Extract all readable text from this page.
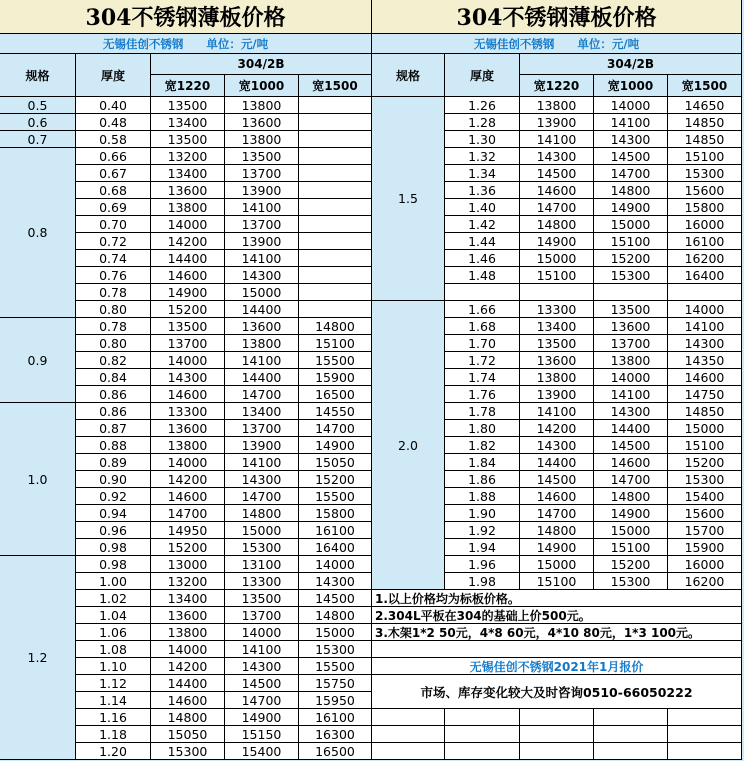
304不锈钢薄板价格
无锡佳创不锈钢　　单位：元/吨
规格	厚度
304/2B
宽1220	宽1000	宽1500
0.5	0.40	13500	13800
0.6	0.48	13400	13600
0.7	0.58	13500	13800
0.8
0.66	13200	13500
0.67	13400	13700
0.68	13600	13900
0.69	13800	14100
0.70	14000	13700
0.72	14200	13900
0.74	14400	14100
0.76	14600	14300
0.78	14900	15000
0.80	15200	14400
0.9
0.78	13500	13600	14800
0.80	13700	13800	15100
0.82	14000	14100	15500
0.84	14300	14400	15900
0.86	14600	14700	16500
1.0
0.86	13300	13400	14550
0.87	13600	13700	14700
0.88	13800	13900	14900
0.89	14000	14100	15050
0.90	14200	14300	15200
0.92	14600	14700	15500
0.94	14700	14800	15800
0.96	14950	15000	16100
0.98	15200	15300	16400
1.2
0.98	13000	13100	14000
1.00	13200	13300	14300
1.02	13400	13500	14500
1.04	13600	13700	14800
1.06	13800	14000	15000
1.08	14000	14100	15300
1.10	14200	14300	15500
1.12	14400	14500	15750
1.14	14600	14700	15950
1.16	14800	14900	16100
1.18	15050	15150	16300
1.20	15300	15400	16500
304不锈钢薄板价格
无锡佳创不锈钢　　单位：元/吨
规格	厚度
304/2B
宽1220	宽1000	宽1500
1.5
1.26	13800	14000	14650
1.28	13900	14100	14850
1.30	14100	14300	14850
1.32	14300	14500	15100
1.34	14500	14700	15300
1.36	14600	14800	15600
1.40	14700	14900	15800
1.42	14800	15000	16000
1.44	14900	15100	16100
1.46	15000	15200	16200
1.48	15100	15300	16400
2.0
1.66	13300	13500	14000
1.68	13400	13600	14100
1.70	13500	13700	14300
1.72	13600	13800	14350
1.74	13800	14000	14600
1.76	13900	14100	14750
1.78	14100	14300	14850
1.80	14200	14400	15000
1.82	14300	14500	15100
1.84	14400	14600	15200
1.86	14500	14700	15300
1.88	14600	14800	15400
1.90	14700	14900	15600
1.92	14800	15000	15700
1.94	14900	15100	15900
1.96	15000	15200	16000
1.98	15100	15300	16200
1.以上价格均为标板价格。
2.304L平板在304的基础上价500元。
3.木架1*2 50元，4*8 60元，4*10 80元，1*3 100元。
无锡佳创不锈钢2021年1月报价
市场、库存变化较大及时咨询0510-66050222
